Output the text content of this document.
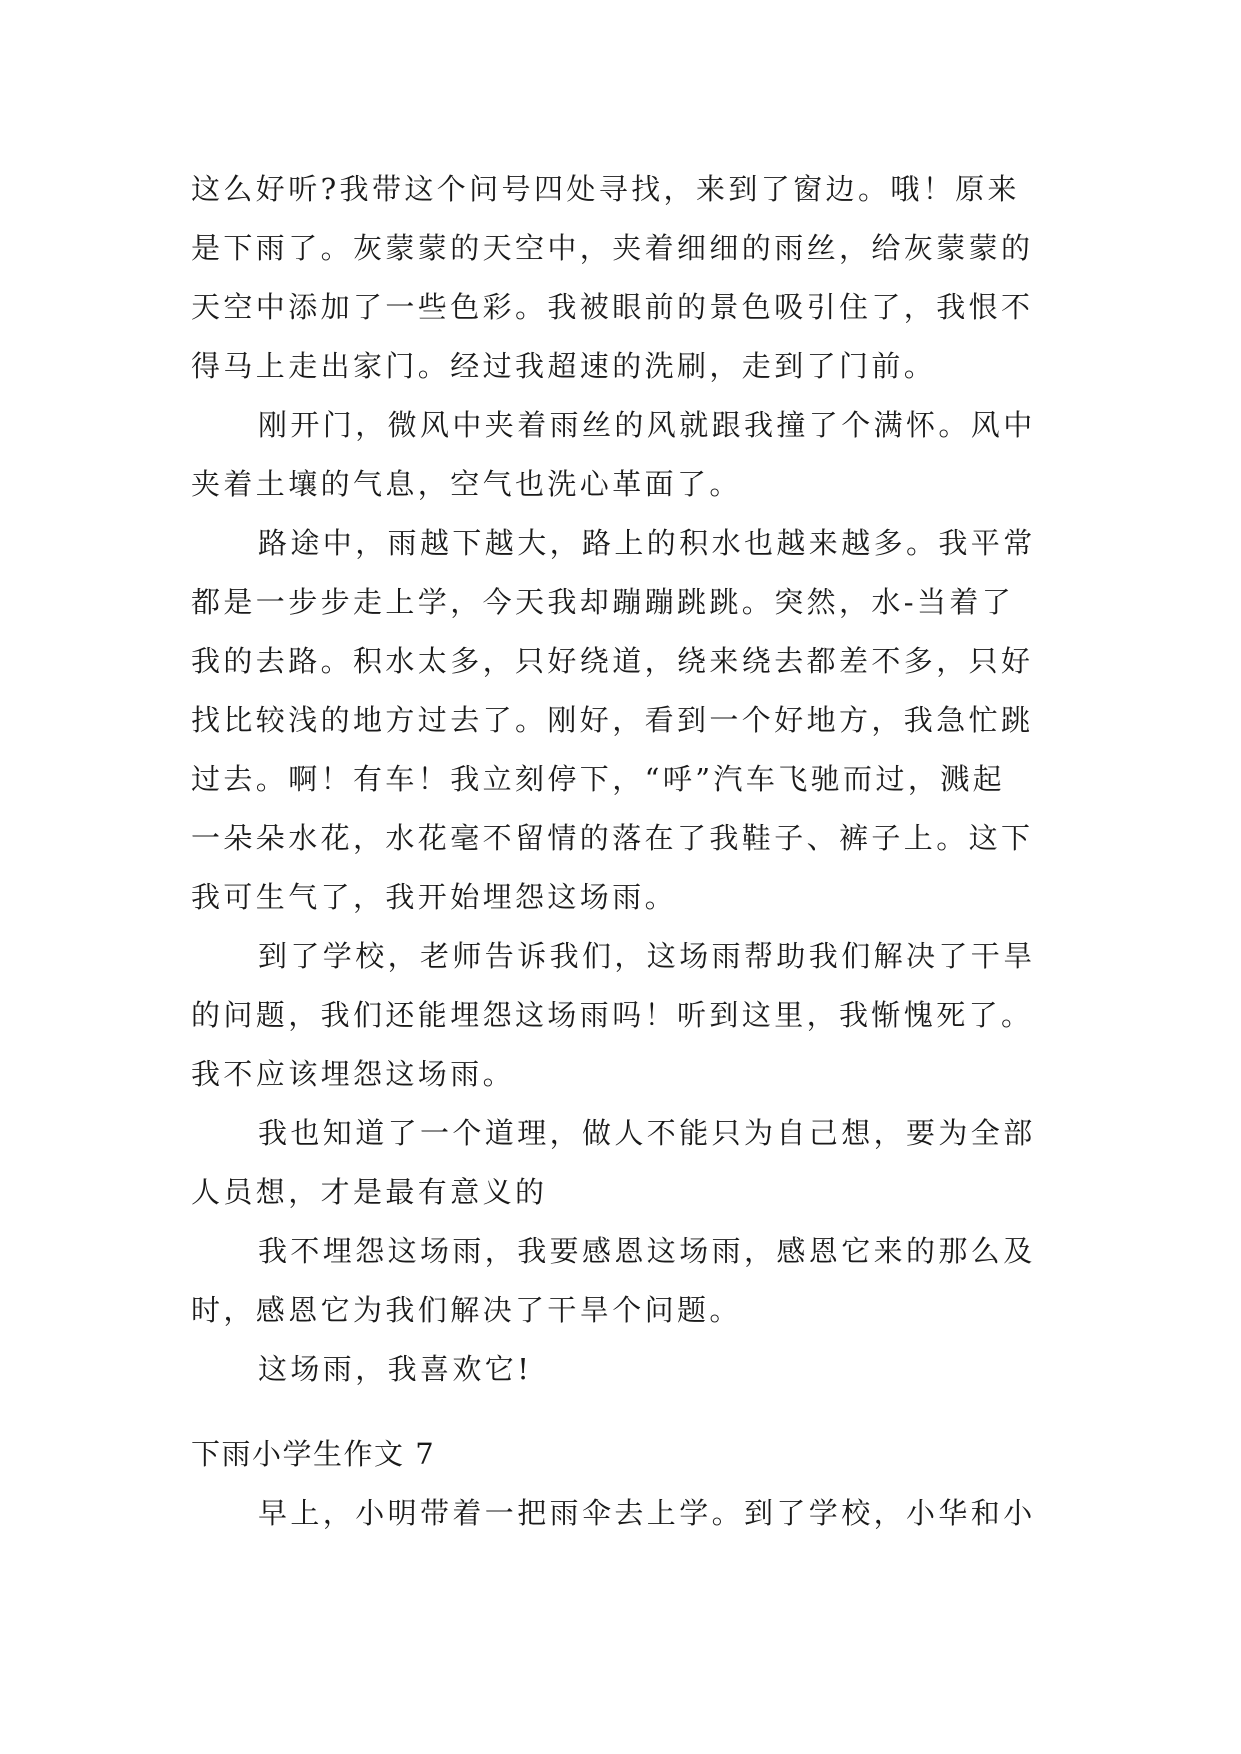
这么好听?我带这个问号四处寻找，来到了窗边。哦！原来

是下雨了。灰蒙蒙的天空中，夹着细细的雨丝，给灰蒙蒙的

天空中添加了一些色彩。我被眼前的景色吸引住了，我恨不

得马上走出家门。经过我超速的洗刷，走到了门前。

刚开门，微风中夹着雨丝的风就跟我撞了个满怀。风中

夹着土壤的气息，空气也洗心革面了。

路途中，雨越下越大，路上的积水也越来越多。我平常

都是一步步走上学，今天我却蹦蹦跳跳。突然，水-当着了

我的去路。积水太多，只好绕道，绕来绕去都差不多，只好

找比较浅的地方过去了。刚好，看到一个好地方，我急忙跳

过去。啊！有车！我立刻停下，“呼”汽车飞驰而过，溅起

一朵朵水花，水花毫不留情的落在了我鞋子、裤子上。这下

我可生气了，我开始埋怨这场雨。

到了学校，老师告诉我们，这场雨帮助我们解决了干旱

的问题，我们还能埋怨这场雨吗！听到这里，我惭愧死了。

我不应该埋怨这场雨。

我也知道了一个道理，做人不能只为自己想，要为全部

人员想，才是最有意义的

我不埋怨这场雨，我要感恩这场雨，感恩它来的那么及

时，感恩它为我们解决了干旱个问题。

这场雨，我喜欢它!

下雨小学生作文 7
早上，小明带着一把雨伞去上学。到了学校，小华和小
